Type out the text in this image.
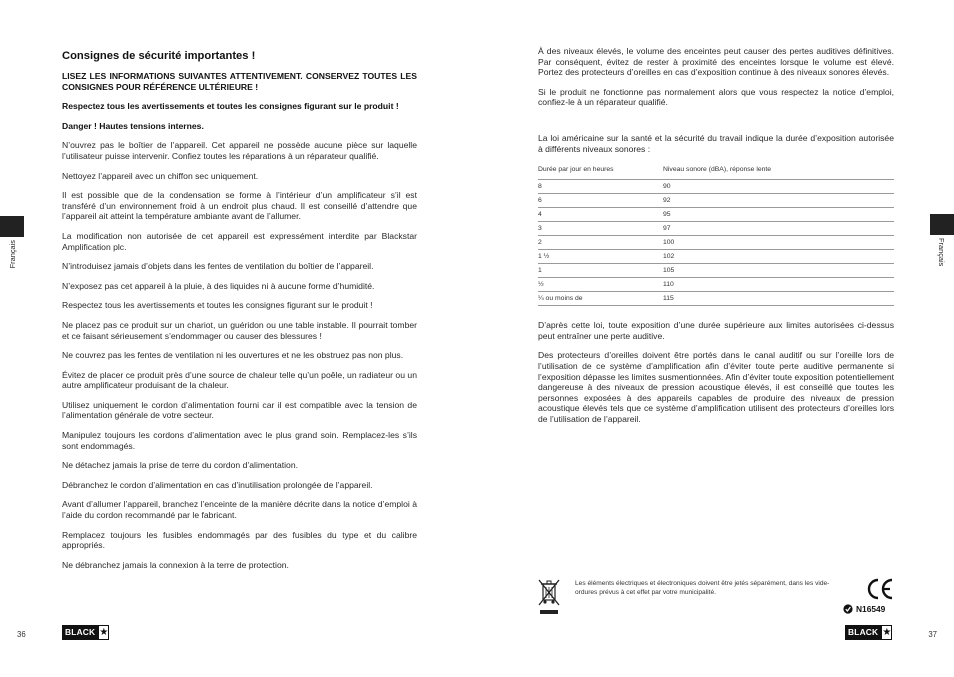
Français
Consignes de sécurité importantes !

LISEZ LES INFORMATIONS SUIVANTES ATTENTIVEMENT. CONSERVEZ TOUTES LES CONSIGNES POUR RÉFÉRENCE ULTÉRIEURE !

Respectez tous les avertissements et toutes les consignes figurant sur le produit !

Danger ! Hautes tensions internes.

N’ouvrez pas le boîtier de l’appareil. Cet appareil ne possède aucune pièce sur laquelle l’utilisateur puisse intervenir. Confiez toutes les réparations à un réparateur qualifié.

Nettoyez l’appareil avec un chiffon sec uniquement.

Il est possible que de la condensation se forme à l’intérieur d’un amplificateur s’il est transféré d’un environnement froid à un endroit plus chaud. Il est conseillé d’attendre que l’appareil ait atteint la température ambiante avant de l’allumer.

La modification non autorisée de cet appareil est expressément interdite par Blackstar Amplification plc.

N’introduisez jamais d’objets dans les fentes de ventilation du boîtier de l’appareil.

N’exposez pas cet appareil à la pluie, à des liquides ni à aucune forme d’humidité.

Respectez tous les avertissements et toutes les consignes figurant sur le produit !

Ne placez pas ce produit sur un chariot, un guéridon ou une table instable. Il pourrait tomber et ce faisant sérieusement s’endommager ou causer des blessures !

Ne couvrez pas les fentes de ventilation ni les ouvertures et ne les obstruez pas non plus.

Évitez de placer ce produit près d’une source de chaleur telle qu’un poêle, un radiateur ou un autre amplificateur produisant de la chaleur.

Utilisez uniquement le cordon d’alimentation fourni car il est compatible avec la tension de l’alimentation générale de votre secteur.

Manipulez toujours les cordons d’alimentation avec le plus grand soin. Remplacez-les s’ils sont endommagés.

Ne détachez jamais la prise de terre du cordon d’alimentation.

Débranchez le cordon d’alimentation en cas d’inutilisation prolongée de l’appareil.

Avant d’allumer l’appareil, branchez l’enceinte de la manière décrite dans la notice d’emploi à l’aide du cordon recommandé par le fabricant.

Remplacez toujours les fusibles endommagés par des fusibles du type et du calibre appropriés.

Ne débranchez jamais la connexion à la terre de protection.

36	BLACK ★
Français

À des niveaux élevés, le volume des enceintes peut causer des pertes auditives définitives. Par conséquent, évitez de rester à proximité des enceintes lorsque le volume est élevé. Portez des protecteurs d’oreilles en cas d’exposition continue à des niveaux sonores élevés.

Si le produit ne fonctionne pas normalement alors que vous respectez la notice d’emploi, confiez-le à un réparateur qualifié.

La loi américaine sur la santé et la sécurité du travail indique la durée d’exposition autorisée à différents niveaux sonores :

Durée par jour en heures	Niveau sonore (dBA), réponse lente
8	90
6	92
4	95
3	97
2	100
1 ½	102
1	105
½	110
¼ ou moins de	115

D’après cette loi, toute exposition d’une durée supérieure aux limites autorisées ci-dessus peut entraîner une perte auditive.

Des protecteurs d’oreilles doivent être portés dans le canal auditif ou sur l’oreille lors de l’utilisation de ce système d’amplification afin d’éviter toute perte auditive permanente si l’exposition dépasse les limites susmentionnées. Afin d’éviter toute exposition potentiellement dangereuse à des niveaux de pression acoustique élevés, il est conseillé que toutes les personnes exposées à des appareils capables de produire des niveaux de pression acoustique élevés tels que ce système d’amplification utilisent des protecteurs d’oreilles lors de l’utilisation de l’appareil.

37
Les éléments électriques et électroniques doivent être jetés séparément, dans les vide-ordures prévus à cet effet par votre municipalité.
N16549
BLACK ★
